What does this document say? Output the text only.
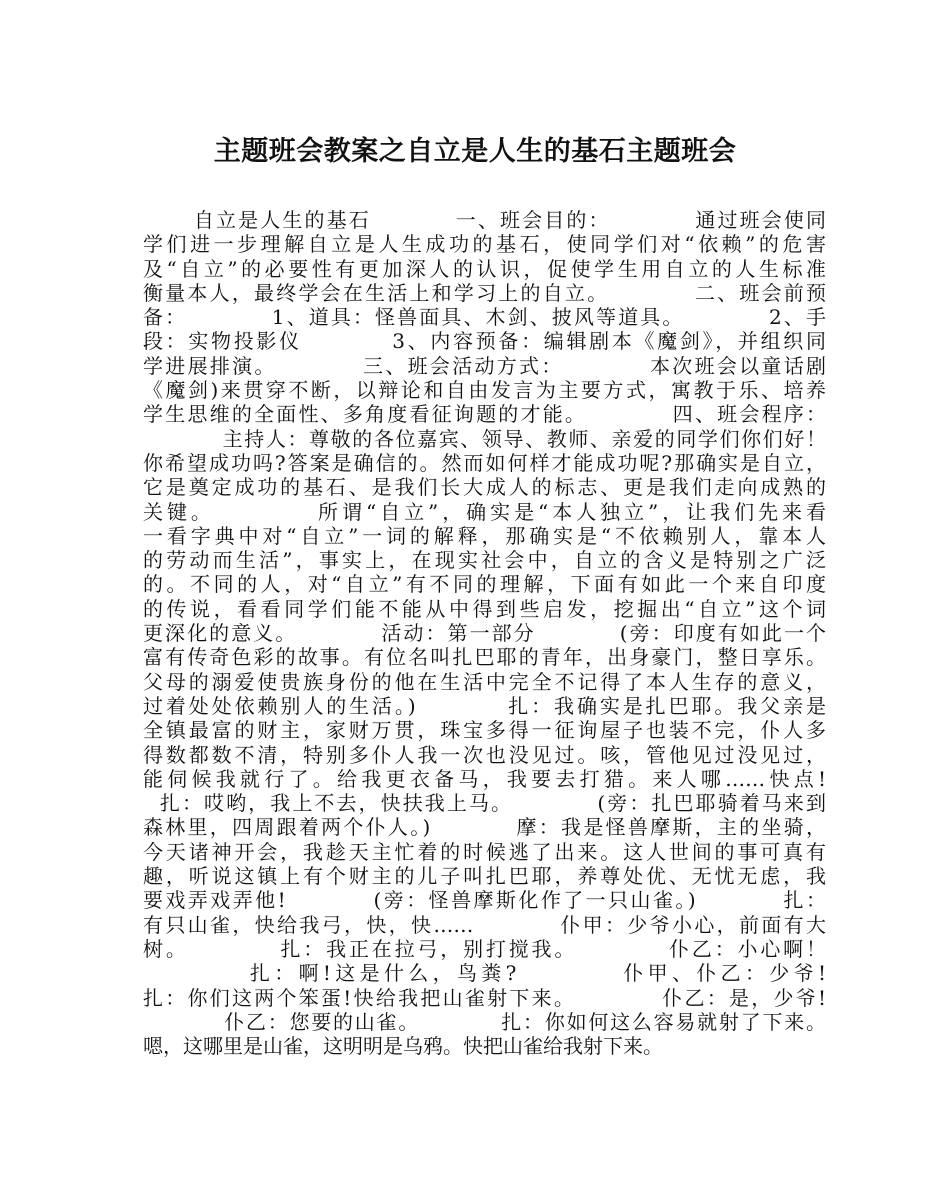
主题班会教案之自立是人生的基石主题班会
自立是人生的基石          一、班会目的：          通过班会使同
学们进一步理解自立是人生成功的基石，使同学们对“依赖”的危害
及“自立”的必要性有更加深人的认识，促使学生用自立的人生标准
衡量本人，最终学会在生活上和学习上的自立。          二、班会前预
备：          1、道具：怪兽面具、木剑、披风等道具。          2、手
段：实物投影仪          3、内容预备：编辑剧本《魔剑》，并组织同
学进展排演。          三、班会活动方式：          本次班会以童话剧
《魔剑)来贯穿不断，以辩论和自由发言为主要方式，寓教于乐、培养
学生思维的全面性、多角度看征询题的才能。          四、班会程序：
主持人：尊敬的各位嘉宾、领导、教师、亲爱的同学们你们好！
你希望成功吗?答案是确信的。然而如何样才能成功呢?那确实是自立，
它是奠定成功的基石、是我们长大成人的标志、更是我们走向成熟的
关键。          所谓“自立”，确实是“本人独立”，让我们先来看
一看字典中对“自立”一词的解释，那确实是“不依赖别人，靠本人
的劳动而生活”，事实上，在现实社会中，自立的含义是特别之广泛
的。不同的人，对“自立”有不同的理解，下面有如此一个来自印度
的传说，看看同学们能不能从中得到些启发，挖掘出“自立”这个词
更深化的意义。          活动：第一部分          (旁：印度有如此一个
富有传奇色彩的故事。有位名叫扎巴耶的青年，出身豪门，整日享乐。
父母的溺爱使贵族身份的他在生活中完全不记得了本人生存的意义，
过着处处依赖别人的生活。)          扎：我确实是扎巴耶。我父亲是
全镇最富的财主，家财万贯，珠宝多得一征询屋子也装不完，仆人多
得数都数不清，特别多仆人我一次也没见过。咳，管他见过没见过，
能伺候我就行了。给我更衣备马，我要去打猎。来人哪……快点!
扎：哎哟，我上不去，快扶我上马。          (旁：扎巴耶骑着马来到
森林里，四周跟着两个仆人。)          摩：我是怪兽摩斯，主的坐骑，
今天诸神开会，我趁天主忙着的时候逃了出来。这人世间的事可真有
趣，听说这镇上有个财主的儿子叫扎巴耶，养尊处优、无忧无虑，我
要戏弄戏弄他!          (旁：怪兽摩斯化作了一只山雀。)          扎：
有只山雀，快给我弓，快，快……          仆甲：少爷小心，前面有大
树。          扎：我正在拉弓，别打搅我。          仆乙：小心啊！
扎：啊!这是什么，鸟粪?          仆甲、仆乙：少爷!
扎：你们这两个笨蛋!快给我把山雀射下来。          仆乙：是，少爷!
仆乙：您要的山雀。          扎：你如何这么容易就射了下来。
嗯，这哪里是山雀，这明明是乌鸦。快把山雀给我射下来。
